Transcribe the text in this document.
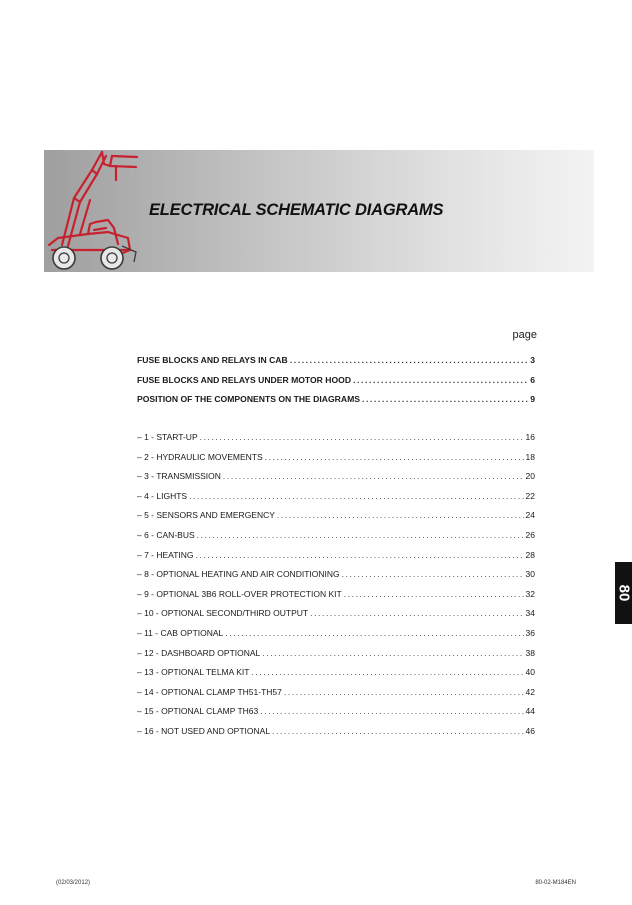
ELECTRICAL SCHEMATIC DIAGRAMS
page
FUSE BLOCKS AND RELAYS IN CAB .....	3
FUSE BLOCKS AND RELAYS UNDER MOTOR HOOD .....	6
POSITION OF THE COMPONENTS ON THE DIAGRAMS .....	9
– 1 - START-UP .....	16
– 2 - HYDRAULIC MOVEMENTS .....	18
– 3 - TRANSMISSION .....	20
– 4 - LIGHTS .....	22
– 5 - SENSORS AND EMERGENCY .....	24
– 6 - CAN-BUS .....	26
– 7 - HEATING .....	28
– 8 - OPTIONAL HEATING AND AIR CONDITIONING .....	30
– 9 - OPTIONAL 3B6 ROLL-OVER PROTECTION KIT .....	32
– 10 - OPTIONAL SECOND/THIRD OUTPUT .....	34
– 11 - CAB OPTIONAL .....	36
– 12 - DASHBOARD OPTIONAL .....	38
– 13 - OPTIONAL TELMA KIT .....	40
– 14 - OPTIONAL CLAMP TH51-TH57 .....	42
– 15 - OPTIONAL CLAMP TH63 .....	44
– 16 - NOT USED AND OPTIONAL .....	46
80
(02/03/2012)	80-02-M184EN
